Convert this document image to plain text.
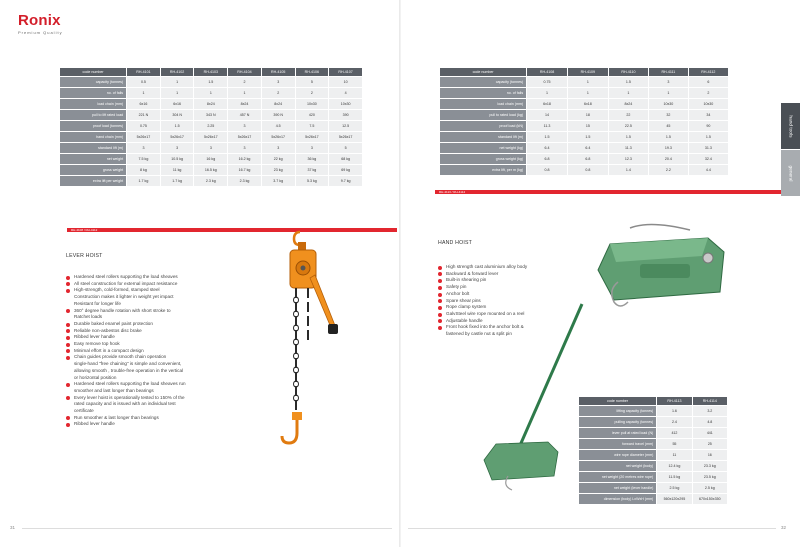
Ronix
Premium Quality
code number	RH-4101	RH-4102	RH-4103	RH-4104	RH-4105	RH-4106	RH-4107
capacity (tonnes)	0.5	1	1.5	2	3	5	10
no. of falls	1	1	1	1	2	2	4
load chain (mm)	6x16	6x16	8x24	8x24	8x24	10x30	10x30
pull to lift rated load	221 N	304 N	343 N	457 N	390 N	420	390
proof load (tonnes)	0.75	1.5	2.25	3	4.5	7.5	12.5
hand chain (mm)	5x26x17	5x26x17	5x26x17	5x26x17	5x26x17	5x26x17	5x26x17
standard lift (m)	3	3	3	3	3	3	5
net weight	7.5 kg	10.5 kg	16 kg	16.2 kg	22 kg	36 kg	68 kg
gross weight	8 kg	11 kg	16.5 kg	16.7 kg	23 kg	37 kg	69 kg
extra lift per weight	1.7 kg	1.7 kg	2.3 kg	2.3 kg	3.7 kg	5.3 kg	9.7 kg
code number	RH-4108	RH-4109	RH-4110	RH-4111	RH-4112
capacity (tonnes)	0.75	1	1.5	3	6
no. of falls	1	1	1	1	2
load chain (mm)	6x18	6x18	8x24	10x30	10x30
pull to rated load (kg)	14	18	22	32	34
proof load (kN)	11.3	15	22.5	45	90
standard lift (m)	1.5	1.5	1.5	1.5	1.5
net weight (kg)	6.4	6.4	11.3	19.3	31.3
gross weight (kg)	6.8	6.8	12.3	20.4	32.4
extra lift, per m (kg)	0.8	0.8	1.4	2.2	4.4
RH-4108 / RH-4112
RH-4113 / RH-4114
LEVER HOIST
Hardened steel rollers supporting the load sheaves
All steel construction for external impact resistance
High-strength, cold-formed, stamped steel
Construction makes it lighter in weight yet impact
Resistant for longer life
360° degree handle rotation with short stroke to
Ratchet loads
Durable baked enamel paint protection
Reliable non-asbestos disc brake
Ribbed lever handle
Easy remove top hook
Minimal effort in a compact design
Chain guides provide smooth chain operation
single-hand "free chaining" is simple and convenient,
allowing smooth , trouble-free operation in the vertical
or horizontal position
Hardened steel rollers supporting the load sheaves run
smoother and last longer than bearings
Every lever hoist is operationally tested to 150% of the
rated capacity and is issued with an individual test
certificate
Run smoother & last longer than bearings
Ribbed lever handle
HAND HOIST
High strength cast aluminium alloy body
Backward & forward lever
Built-in shearing pin
Safety pin
Anchor bolt
Spare shear pins
Rope clamp system
GalvSteel wire rope mounted on a reel
Adjustable handle
Front hook fixed into the anchor bolt &
fastened by castle nut & split pin
code number	RH-4113	RH-4114
lifting capacity (tonnes)	1.6	3.2
pulling capacity (tonnes)	2.4	4.8
lever pull at rated load (N)	412	441
forward travel (mm)	55	25
wire rope diameter (mm)	11	16
net weight (body)	12.4 kg	23.3 kg
net weight (20 metres wire rope)	11.5 kg	23.5 kg
net weight (lever handle)	2.5 kg	2.5 kg
dimension (body) LxWxH (mm)	560x120x295	670x150x350
hand tools
general
31	32
